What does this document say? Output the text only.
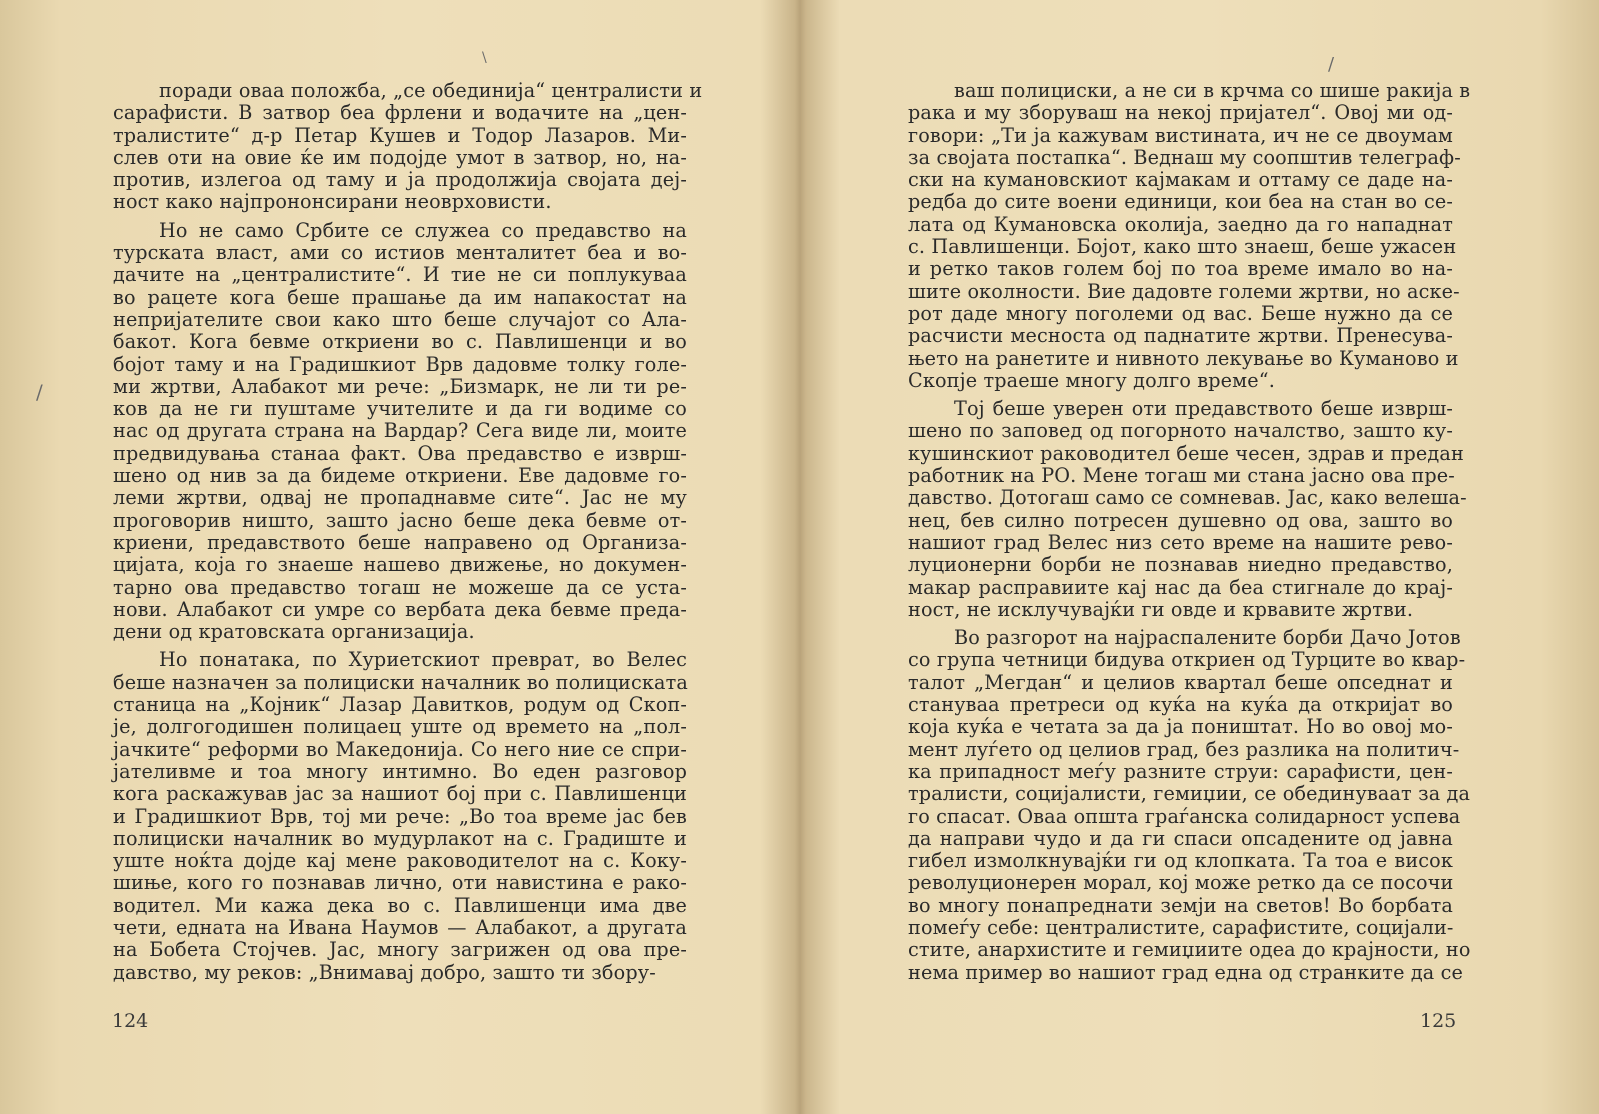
поради оваа положба, „се обединија“ централисти и
сарафисти. В затвор беа фрлени и водачите на „цен-
тралистите“ д-р Петар Кушев и Тодор Лазаров. Ми-
слев оти на овие ќе им подојде умот в затвор, но, на-
против, излегоа од таму и ја продолжија својата деј-
ност како најпрононсирани неоврховисти.
Но не само Србите се служеа со предавство на
турската власт, ами со истиов менталитет беа и во-
дачите на „централистите“. И тие не си поплукуваа
во рацете кога беше прашање да им напакостат на
непријателите свои како што беше случајот со Ала-
бакот. Кога бевме откриени во с. Павлишенци и во
бојот таму и на Градишкиот Врв дадовме толку голе-
ми жртви, Алабакот ми рече: „Бизмарк, не ли ти ре-
ков да не ги пуштаме учителите и да ги водиме со
нас од другата страна на Вардар? Сега виде ли, моите
предвидувања станаа факт. Ова предавство е изврш-
шено од нив за да бидеме откриени. Еве дадовме го-
леми жртви, одвај не пропаднавме сите“. Јас не му
проговорив ништо, зашто јасно беше дека бевме от-
криени, предавството беше направено од Организа-
цијата, која го знаеше нашево движење, но докумен-
тарно ова предавство тогаш не можеше да се уста-
нови. Алабакот си умре со вербата дека бевме преда-
дени од кратовската организација.
Но понатака, по Хуриетскиот преврат, во Велес
беше назначен за полициски началник во полициската
станица на „Којник“ Лазар Давитков, родум од Скоп-
је, долгогодишен полицаец уште од времето на „пол-
јачките“ реформи во Македонија. Со него ние се спри-
јателивме и тоа многу интимно. Во еден разговор
кога раскажував јас за нашиот бој при с. Павлишенци
и Градишкиот Врв, тој ми рече: „Во тоа време јас бев
полициски началник во мудурлакот на с. Градиште и
уште ноќта дојде кај мене раководителот на с. Коку-
шиње, кого го познавав лично, оти навистина е рако-
водител. Ми кажа дека во с. Павлишенци има две
чети, едната на Ивана Наумов — Алабакот, а другата
на Бобета Стојчев. Јас, многу загрижен од ова пре-
давство, му реков: „Внимавај добро, зашто ти збору-
124
\
/
ваш полициски, а не си в крчма со шише ракија в
рака и му зборуваш на некој пријател“. Овој ми од-
говори: „Ти ја кажувам вистината, ич не се двоумам
за својата постапка“. Веднаш му соопштив телеграф-
ски на кумановскиот кајмакам и оттаму се даде на-
редба до сите воени единици, кои беа на стан во се-
лата од Кумановска околија, заедно да го нападнат
с. Павлишенци. Бојот, како што знаеш, беше ужасен
и ретко таков голем бој по тоа време имало во на-
шите околности. Вие дадовте големи жртви, но аске-
рот даде многу поголеми од вас. Беше нужно да се
расчисти месноста од паднатите жртви. Пренесува-
њето на ранетите и нивното лекување во Куманово и
Скопје траеше многу долго време“.
Тој беше уверен оти предавството беше изврш-
шено по заповед од погорното началство, зашто ку-
кушинскиот раководител беше чесен, здрав и предан
работник на РО. Мене тогаш ми стана јасно ова пре-
давство. Дотогаш само се сомневав. Јас, како велеша-
нец, бев силно потресен душевно од ова, зашто во
нашиот град Велес низ сето време на нашите рево-
луционерни борби не познавав ниедно предавство,
макар расправиите кај нас да беа стигнале до крај-
ност, не исклучувајќи ги овде и крвавите жртви.
Во разгорот на најраспалените борби Дачо Јотов
со група четници бидува откриен од Турците во квар-
талот „Мегдан“ и целиов квартал беше опседнат и
стануваа претреси од куќа на куќа да откријат во
која куќа е четата за да ја поништат. Но во овој мо-
мент луѓето од целиов град, без разлика на политич-
ка припадност меѓу разните струи: сарафисти, цен-
тралисти, социјалисти, гемиџии, се обединуваат за да
го спасат. Оваа општа граѓанска солидарност успева
да направи чудо и да ги спаси опсадените од јавна
гибел измолкнувајќи ги од клопката. Та тоа е висок
револуционерен морал, кој може ретко да се посочи
во многу понапреднати земји на светов! Во борбата
помеѓу себе: централистите, сарафистите, социјали-
стите, анархистите и гемиџиите одеа до крајности, но
нема пример во нашиот град една од странките да се
125
/
